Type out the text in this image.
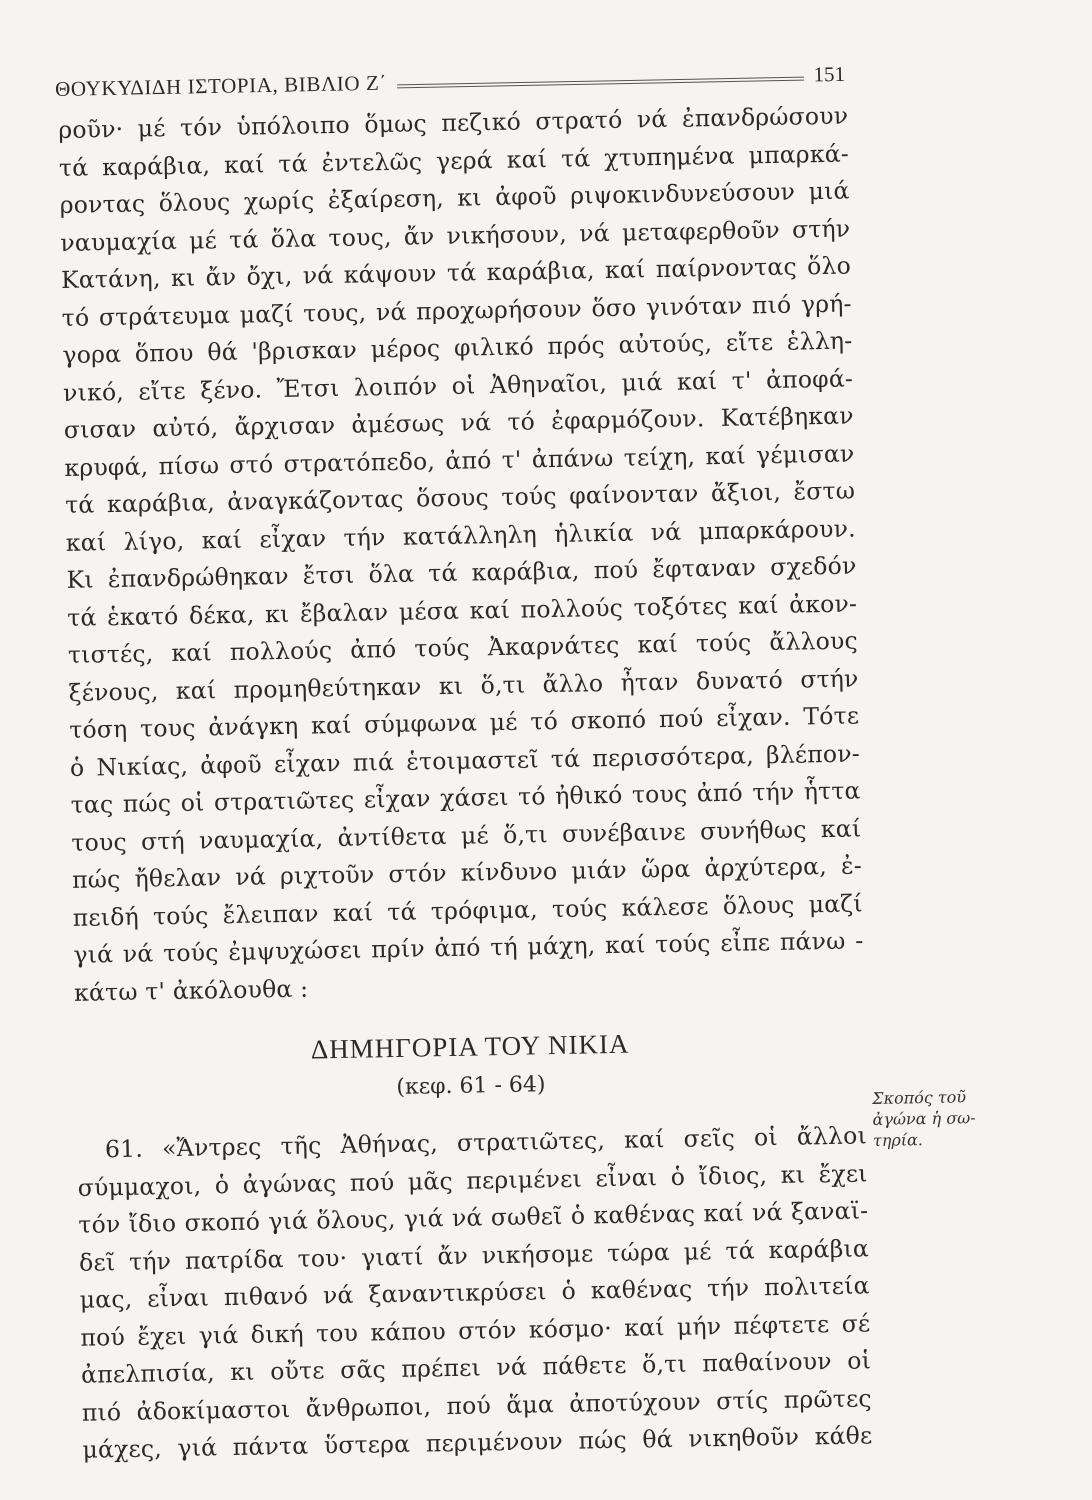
ΘΟΥΚΥΔΙΔΗ ΙΣΤΟΡΙΑ, ΒΙΒΛΙΟ Ζ΄	151
ροῦν· μέ τόν ὑπόλοιπο ὅμως πεζικό στρατό νά ἐπανδρώσουν
τά καράβια, καί τά ἐντελῶς γερά καί τά χτυπημένα μπαρκά-
ροντας ὅλους χωρίς ἐξαίρεση, κι ἀφοῦ ριψοκινδυνεύσουν μιά
ναυμαχία μέ τά ὅλα τους, ἄν νικήσουν, νά μεταφερθοῦν στήν
Κατάνη, κι ἄν ὄχι, νά κάψουν τά καράβια, καί παίρνοντας ὅλο
τό στράτευμα μαζί τους, νά προχωρήσουν ὅσο γινόταν πιό γρή-
γορα ὅπου θά 'βρισκαν μέρος φιλικό πρός αὐτούς, εἴτε ἑλλη-
νικό, εἴτε ξένο. Ἔτσι λοιπόν οἱ Ἀθηναῖοι, μιά καί τ' ἀποφά-
σισαν αὐτό, ἄρχισαν ἀμέσως νά τό ἐφαρμόζουν. Κατέβηκαν
κρυφά, πίσω στό στρατόπεδο, ἀπό τ' ἀπάνω τείχη, καί γέμισαν
τά καράβια, ἀναγκάζοντας ὅσους τούς φαίνονταν ἄξιοι, ἔστω
καί λίγο, καί εἶχαν τήν κατάλληλη ἡλικία νά μπαρκάρουν.
Κι ἐπανδρώθηκαν ἔτσι ὅλα τά καράβια, πού ἔφταναν σχεδόν
τά ἑκατό δέκα, κι ἔβαλαν μέσα καί πολλούς τοξότες καί ἀκον-
τιστές, καί πολλούς ἀπό τούς Ἀκαρνάτες καί τούς ἄλλους
ξένους, καί προμηθεύτηκαν κι ὅ,τι ἄλλο ἦταν δυνατό στήν
τόση τους ἀνάγκη καί σύμφωνα μέ τό σκοπό πού εἶχαν. Τότε
ὁ Νικίας, ἀφοῦ εἶχαν πιά ἑτοιμαστεῖ τά περισσότερα, βλέπον-
τας πώς οἱ στρατιῶτες εἶχαν χάσει τό ἠθικό τους ἀπό τήν ἧττα
τους στή ναυμαχία, ἀντίθετα μέ ὅ,τι συνέβαινε συνήθως καί
πώς ἤθελαν νά ριχτοῦν στόν κίνδυνο μιάν ὥρα ἀρχύτερα, ἐ-
πειδή τούς ἔλειπαν καί τά τρόφιμα, τούς κάλεσε ὅλους μαζί
γιά νά τούς ἐμψυχώσει πρίν ἀπό τή μάχη, καί τούς εἶπε πάνω -
κάτω τ' ἀκόλουθα :
ΔΗΜΗΓΟΡΙΑ ΤΟΥ ΝΙΚΙΑ
(κεφ. 61 - 64)
61. «Ἄντρες τῆς Ἀθήνας, στρατιῶτες, καί σεῖς οἱ ἄλλοι
σύμμαχοι, ὁ ἀγώνας πού μᾶς περιμένει εἶναι ὁ ἴδιος, κι ἔχει
τόν ἴδιο σκοπό γιά ὅλους, γιά νά σωθεῖ ὁ καθένας καί νά ξαναϊ-
δεῖ τήν πατρίδα του· γιατί ἄν νικήσομε τώρα μέ τά καράβια
μας, εἶναι πιθανό νά ξαναντικρύσει ὁ καθένας τήν πολιτεία
πού ἔχει γιά δική του κάπου στόν κόσμο· καί μήν πέφτετε σέ
ἀπελπισία, κι οὔτε σᾶς πρέπει νά πάθετε ὅ,τι παθαίνουν οἱ
πιό ἀδοκίμαστοι ἄνθρωποι, πού ἅμα ἀποτύχουν στίς πρῶτες
μάχες, γιά πάντα ὕστερα περιμένουν πώς θά νικηθοῦν κάθε
Σκοπός τοῦ
ἀγώνα ἡ σω-
τηρία.
